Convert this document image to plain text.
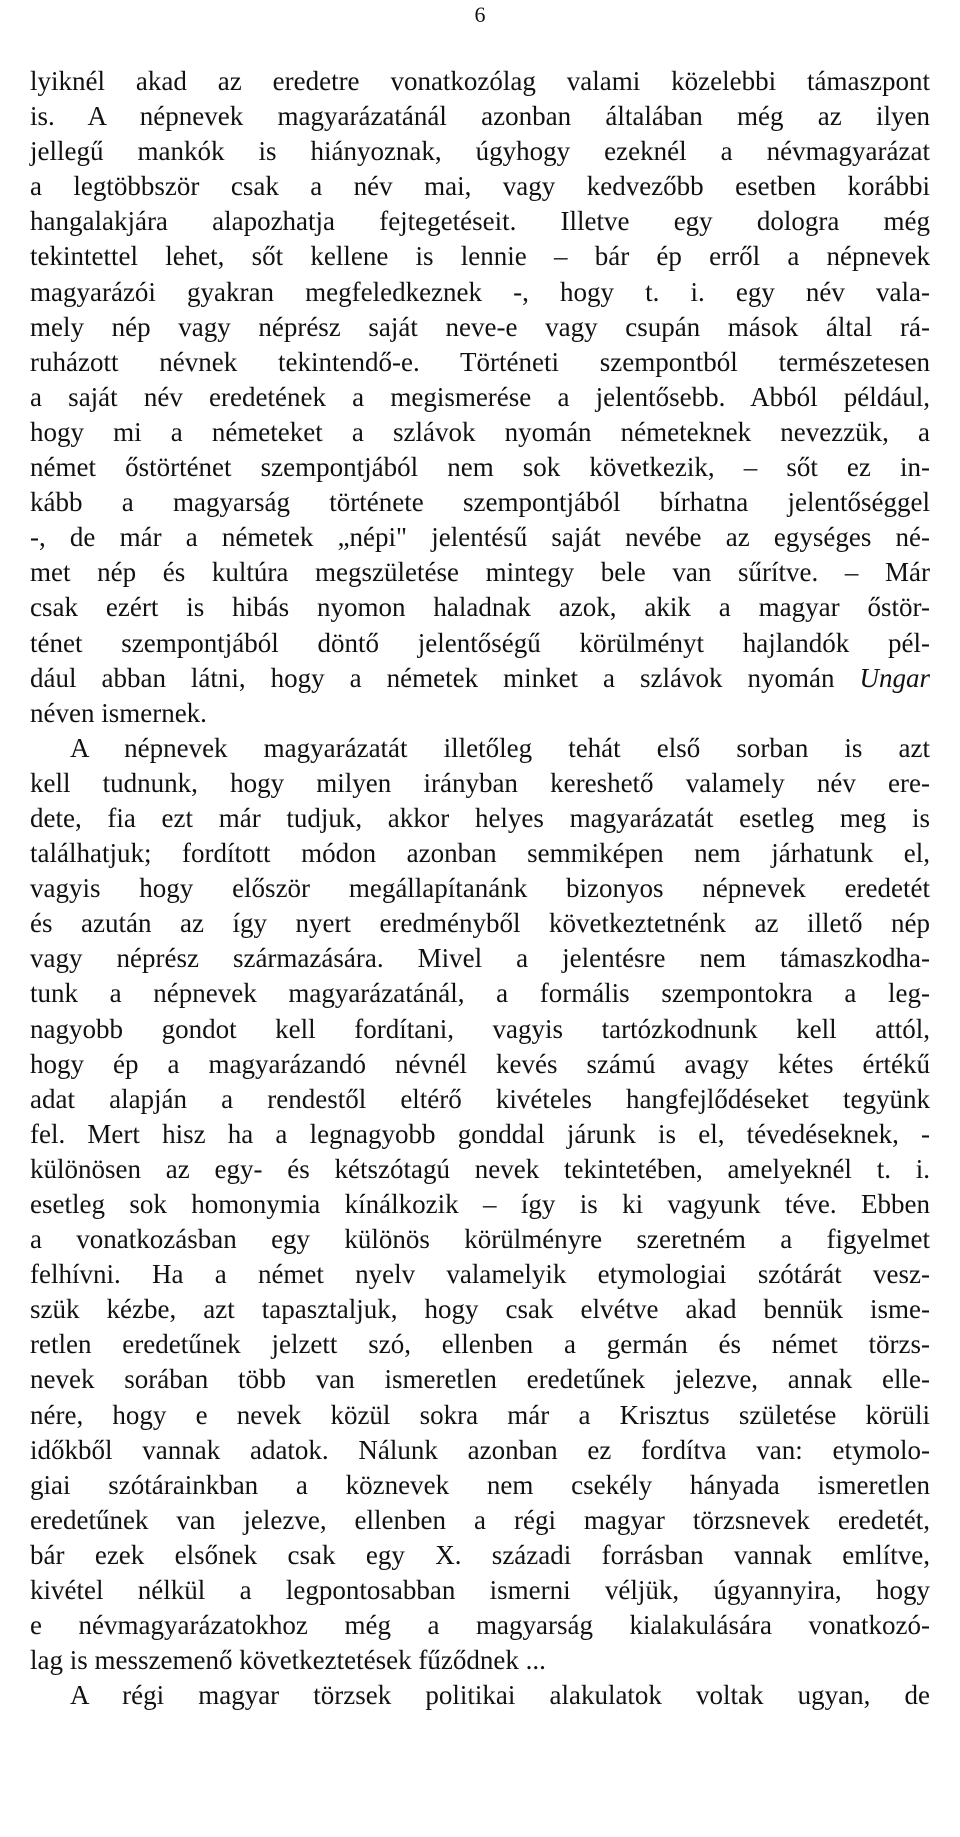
6
lyiknél akad az eredetre vonatkozólag valami közelebbi támaszpont
is. A népnevek magyarázatánál azonban általában még az ilyen
jellegű mankók is hiányoznak, úgyhogy ezeknél a névmagyarázat
a legtöbbször csak a név mai, vagy kedvezőbb esetben korábbi
hangalakjára alapozhatja fejtegetéseit. Illetve egy dologra még
tekintettel lehet, sőt kellene is lennie – bár ép erről a népnevek
magyarázói gyakran megfeledkeznek -, hogy t. i. egy név vala-
mely nép vagy néprész saját neve-e vagy csupán mások által rá-
ruházott névnek tekintendő-e. Történeti szempontból természetesen
a saját név eredetének a megismerése a jelentősebb. Abból például,
hogy mi a németeket a szlávok nyomán németeknek nevezzük, a
német őstörténet szempontjából nem sok következik, – sőt ez in-
kább a magyarság története szempontjából bírhatna jelentőséggel
-, de már a németek „népi" jelentésű saját nevébe az egységes né-
met nép és kultúra megszületése mintegy bele van sűrítve. – Már
csak ezért is hibás nyomon haladnak azok, akik a magyar őstör-
ténet szempontjából döntő jelentőségű körülményt hajlandók pél-
dául abban látni, hogy a németek minket a szlávok nyomán Ungar
néven ismernek.
A népnevek magyarázatát illetőleg tehát első sorban is azt
kell tudnunk, hogy milyen irányban kereshető valamely név ere-
dete, fia ezt már tudjuk, akkor helyes magyarázatát esetleg meg is
találhatjuk; fordított módon azonban semmiképen nem járhatunk el,
vagyis hogy először megállapítanánk bizonyos népnevek eredetét
és azután az így nyert eredményből következtetnénk az illető nép
vagy néprész származására. Mivel a jelentésre nem támaszkodha-
tunk a népnevek magyarázatánál, a formális szempontokra a leg-
nagyobb gondot kell fordítani, vagyis tartózkodnunk kell attól,
hogy ép a magyarázandó névnél kevés számú avagy kétes értékű
adat alapján a rendestől eltérő kivételes hangfejlődéseket tegyünk
fel. Mert hisz ha a legnagyobb gonddal járunk is el, tévedéseknek, -
különösen az egy- és kétszótagú nevek tekintetében, amelyeknél t. i.
esetleg sok homonymia kínálkozik – így is ki vagyunk téve. Ebben
a vonatkozásban egy különös körülményre szeretném a figyelmet
felhívni. Ha a német nyelv valamelyik etymologiai szótárát vesz-
szük kézbe, azt tapasztaljuk, hogy csak elvétve akad bennük isme-
retlen eredetűnek jelzett szó, ellenben a germán és német törzs-
nevek sorában több van ismeretlen eredetűnek jelezve, annak elle-
nére, hogy e nevek közül sokra már a Krisztus születése körüli
időkből vannak adatok. Nálunk azonban ez fordítva van: etymolo-
giai szótárainkban a köznevek nem csekély hányada ismeretlen
eredetűnek van jelezve, ellenben a régi magyar törzsnevek eredetét,
bár ezek elsőnek csak egy X. századi forrásban vannak említve,
kivétel nélkül a legpontosabban ismerni véljük, úgyannyira, hogy
e névmagyarázatokhoz még a magyarság kialakulására vonatkozó-
lag is messzemenő következtetések fűződnek ...
A régi magyar törzsek politikai alakulatok voltak ugyan, de
